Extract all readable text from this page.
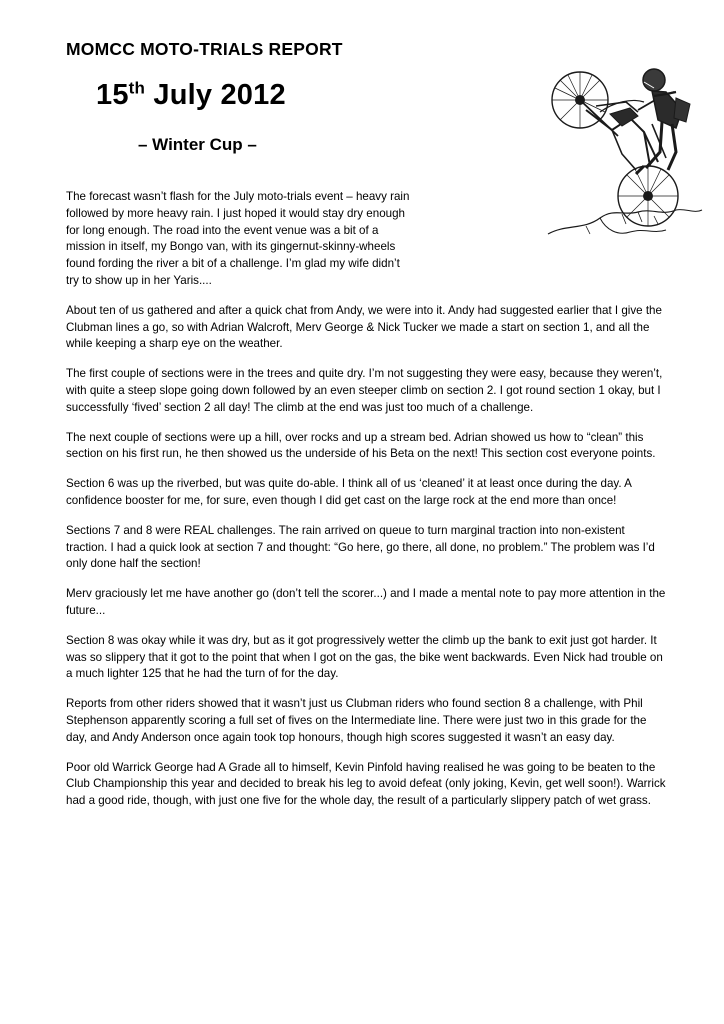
MOMCC MOTO-TRIALS REPORT
15th July 2012
– Winter Cup –

The forecast wasn’t flash for the July moto-trials event – heavy rain followed by more heavy rain. I just hoped it would stay dry enough for long enough. The road into the event venue was a bit of a mission in itself, my Bongo van, with its gingernut-skinny-wheels found fording the river a bit of a challenge. I’m glad my wife didn’t try to show up in her Yaris....

About ten of us gathered and after a quick chat from Andy, we were into it. Andy had suggested earlier that I give the Clubman lines a go, so with Adrian Walcroft, Merv George & Nick Tucker we made a start on section 1, and all the while keeping a sharp eye on the weather.

The first couple of sections were in the trees and quite dry. I’m not suggesting they were easy, because they weren’t, with quite a steep slope going down followed by an even steeper climb on section 2. I got round section 1 okay, but I successfully ‘fived’ section 2 all day! The climb at the end was just too much of a challenge.

The next couple of sections were up a hill, over rocks and up a stream bed. Adrian showed us how to “clean” this section on his first run, he then showed us the underside of his Beta on the next! This section cost everyone points.

Section 6 was up the riverbed, but was quite do-able. I think all of us ‘cleaned’ it at least once during the day. A confidence booster for me, for sure, even though I did get cast on the large rock at the end more than once!

Sections 7 and 8 were REAL challenges. The rain arrived on queue to turn marginal traction into non-existent traction. I had a quick look at section 7 and thought: “Go here, go there, all done, no problem.” The problem was I’d only done half the section!

Merv graciously let me have another go (don’t tell the scorer...) and I made a mental note to pay more attention in the future...

Section 8 was okay while it was dry, but as it got progressively wetter the climb up the bank to exit just got harder. It was so slippery that it got to the point that when I got on the gas, the bike went backwards. Even Nick had trouble on a much lighter 125 that he had the turn of for the day.

Reports from other riders showed that it wasn’t just us Clubman riders who found section 8 a challenge, with Phil Stephenson apparently scoring a full set of fives on the Intermediate line. There were just two in this grade for the day, and Andy Anderson once again took top honours, though high scores suggested it wasn’t an easy day.

Poor old Warrick George had A Grade all to himself, Kevin Pinfold having realised he was going to be beaten to the Club Championship this year and decided to break his leg to avoid defeat (only joking, Kevin, get well soon!). Warrick had a good ride, though, with just one five for the whole day, the result of a particularly slippery patch of wet grass.
